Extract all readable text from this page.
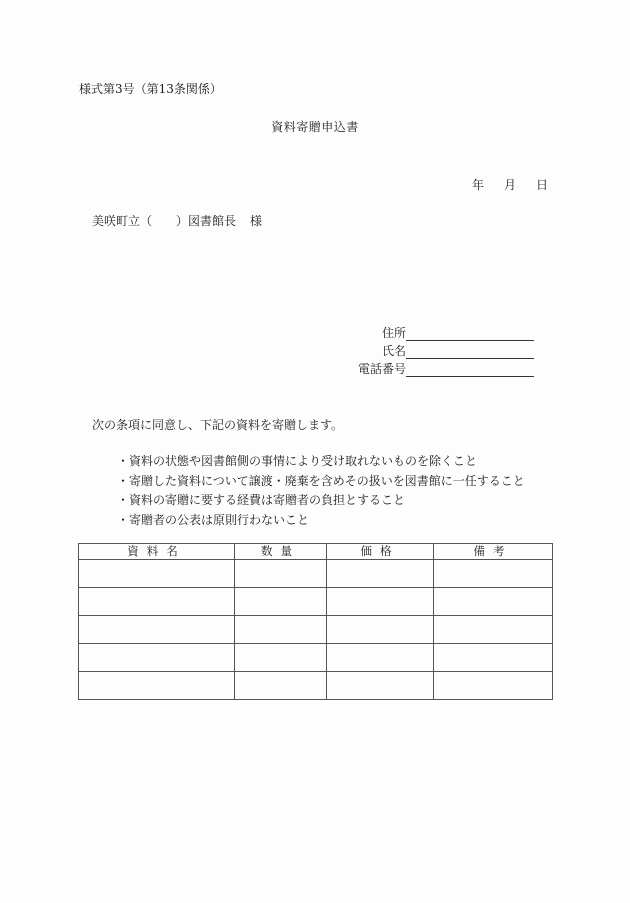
様式第3号（第13条関係）
資料寄贈申込書
年 月 日
美咲町立（ ）図書館長 様
住所
氏名
電話番号
次の条項に同意し、下記の資料を寄贈します。
・ 資料の状態や図書館側の事情により受け取れないものを除くこと
・ 寄贈した資料について譲渡・廃棄を含めその扱いを図書館に一任すること
・ 資料の寄贈に要する経費は寄贈者の負担とすること
・ 寄贈者の公表は原則行わないこと
資料名	数量	価格	備考
